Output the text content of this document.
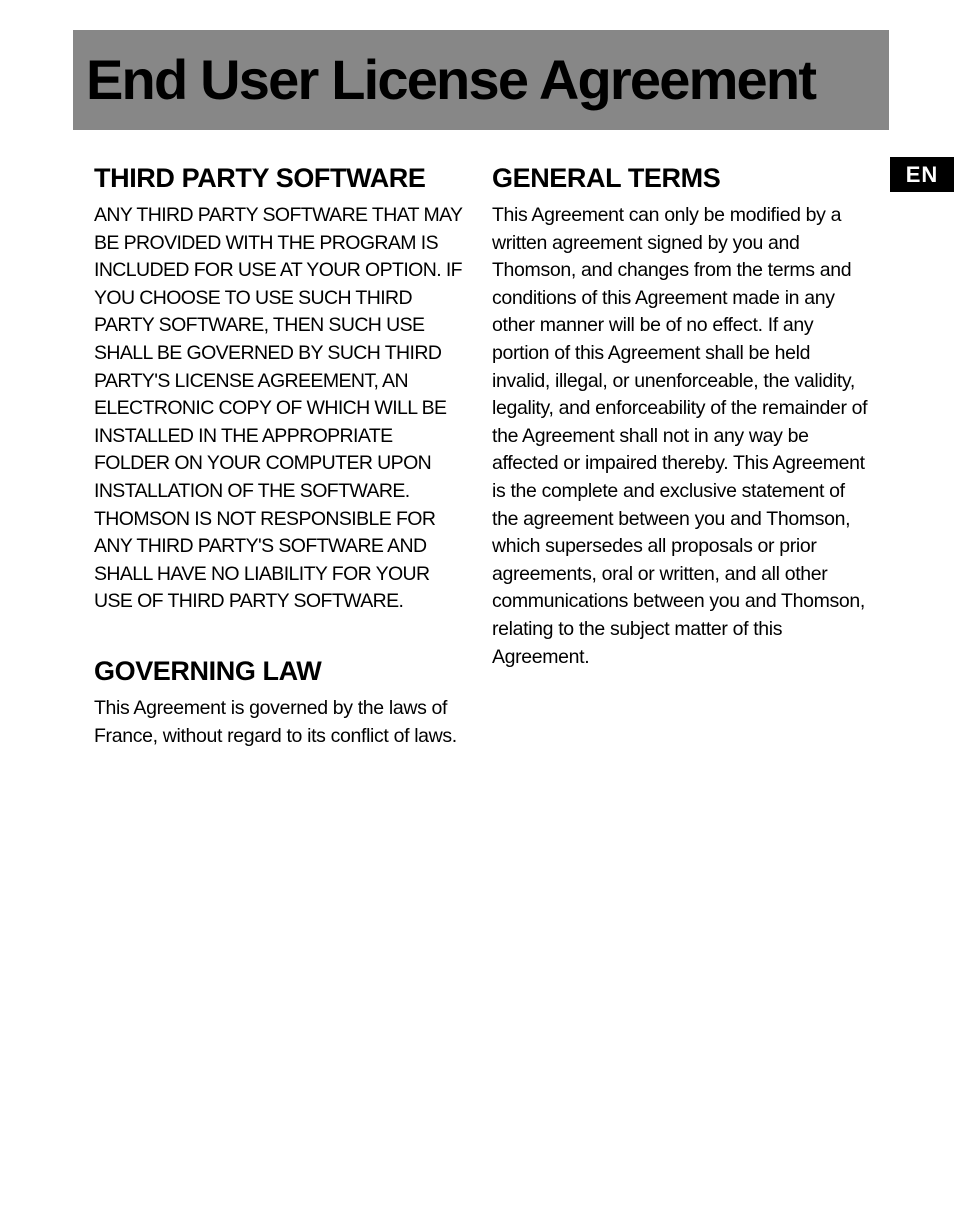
End User License Agreement
EN
THIRD PARTY SOFTWARE

ANY THIRD PARTY SOFTWARE THAT MAY BE PROVIDED WITH THE PROGRAM IS INCLUDED FOR USE AT YOUR OPTION. IF YOU CHOOSE TO USE SUCH THIRD PARTY SOFTWARE, THEN SUCH USE SHALL BE GOVERNED BY SUCH THIRD PARTY'S LICENSE AGREEMENT, AN ELECTRONIC COPY OF WHICH WILL BE INSTALLED IN THE APPROPRIATE FOLDER ON YOUR COMPUTER UPON INSTALLATION OF THE SOFTWARE. THOMSON IS NOT RESPONSIBLE FOR ANY THIRD PARTY'S SOFTWARE AND SHALL HAVE NO LIABILITY FOR YOUR USE OF THIRD PARTY SOFTWARE.

GOVERNING LAW

This Agreement is governed by the laws of France, without regard to its conflict of laws.

GENERAL TERMS

This Agreement can only be modified by a written agreement signed by you and Thomson, and changes from the terms and conditions of this Agreement made in any other manner will be of no effect. If any portion of this Agreement shall be held invalid, illegal, or unenforceable, the validity, legality, and enforceability of the remainder of the Agreement shall not in any way be affected or impaired thereby. This Agreement is the complete and exclusive statement of the agreement between you and Thomson, which supersedes all proposals or prior agreements, oral or written, and all other communications between you and Thomson, relating to the subject matter of this Agreement.
